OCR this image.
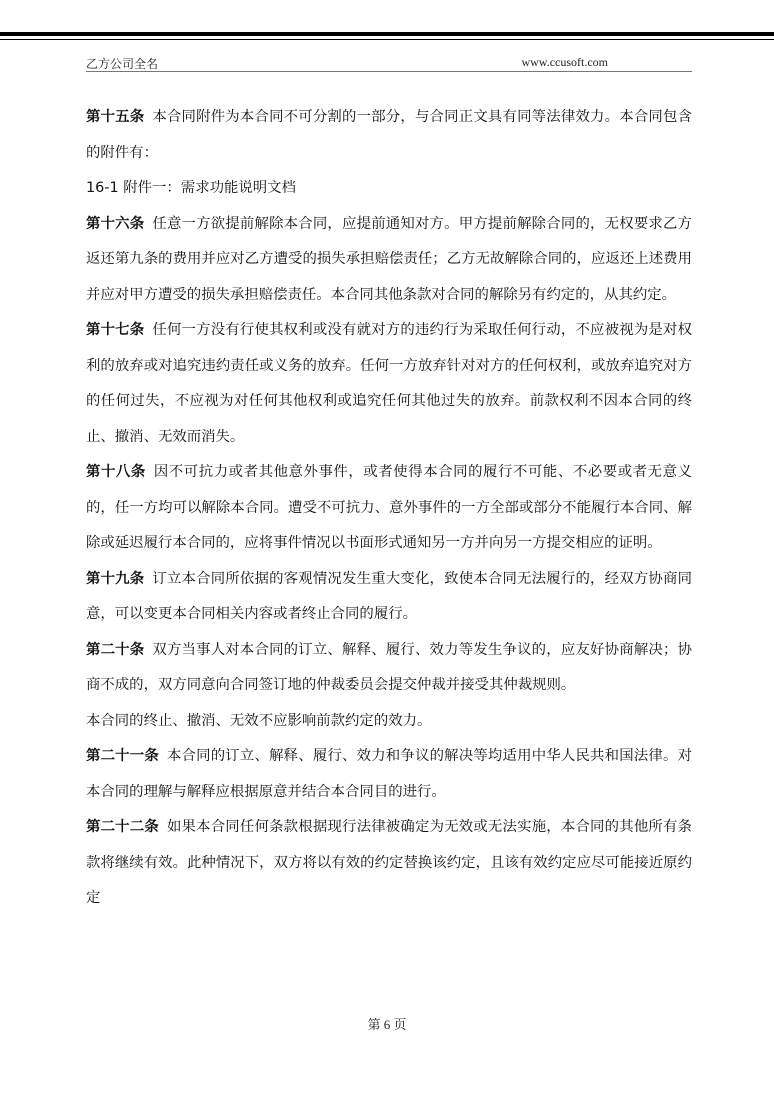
乙方公司全名	www.ccusoft.com

第十五条 本合同附件为本合同不可分割的一部分，与合同正文具有同等法律效力。本合同包含的附件有：

16-1 附件一：需求功能说明文档

第十六条 任意一方欲提前解除本合同，应提前通知对方。甲方提前解除合同的，无权要求乙方返还第九条的费用并应对乙方遭受的损失承担赔偿责任；乙方无故解除合同的，应返还上述费用并应对甲方遭受的损失承担赔偿责任。本合同其他条款对合同的解除另有约定的，从其约定。

第十七条 任何一方没有行使其权利或没有就对方的违约行为采取任何行动，不应被视为是对权利的放弃或对追究违约责任或义务的放弃。任何一方放弃针对对方的任何权利，或放弃追究对方的任何过失，不应视为对任何其他权利或追究任何其他过失的放弃。前款权利不因本合同的终止、撤消、无效而消失。

第十八条 因不可抗力或者其他意外事件，或者使得本合同的履行不可能、不必要或者无意义的，任一方均可以解除本合同。遭受不可抗力、意外事件的一方全部或部分不能履行本合同、解除或延迟履行本合同的，应将事件情况以书面形式通知另一方并向另一方提交相应的证明。

第十九条 订立本合同所依据的客观情况发生重大变化，致使本合同无法履行的，经双方协商同意，可以变更本合同相关内容或者终止合同的履行。

第二十条 双方当事人对本合同的订立、解释、履行、效力等发生争议的，应友好协商解决；协商不成的，双方同意向合同签订地的仲裁委员会提交仲裁并接受其仲裁规则。

本合同的终止、撤消、无效不应影响前款约定的效力。

第二十一条 本合同的订立、解释、履行、效力和争议的解决等均适用中华人民共和国法律。对本合同的理解与解释应根据原意并结合本合同目的进行。

第二十二条 如果本合同任何条款根据现行法律被确定为无效或无法实施，本合同的其他所有条款将继续有效。此种情况下，双方将以有效的约定替换该约定，且该有效约定应尽可能接近原约定

第 6 页
